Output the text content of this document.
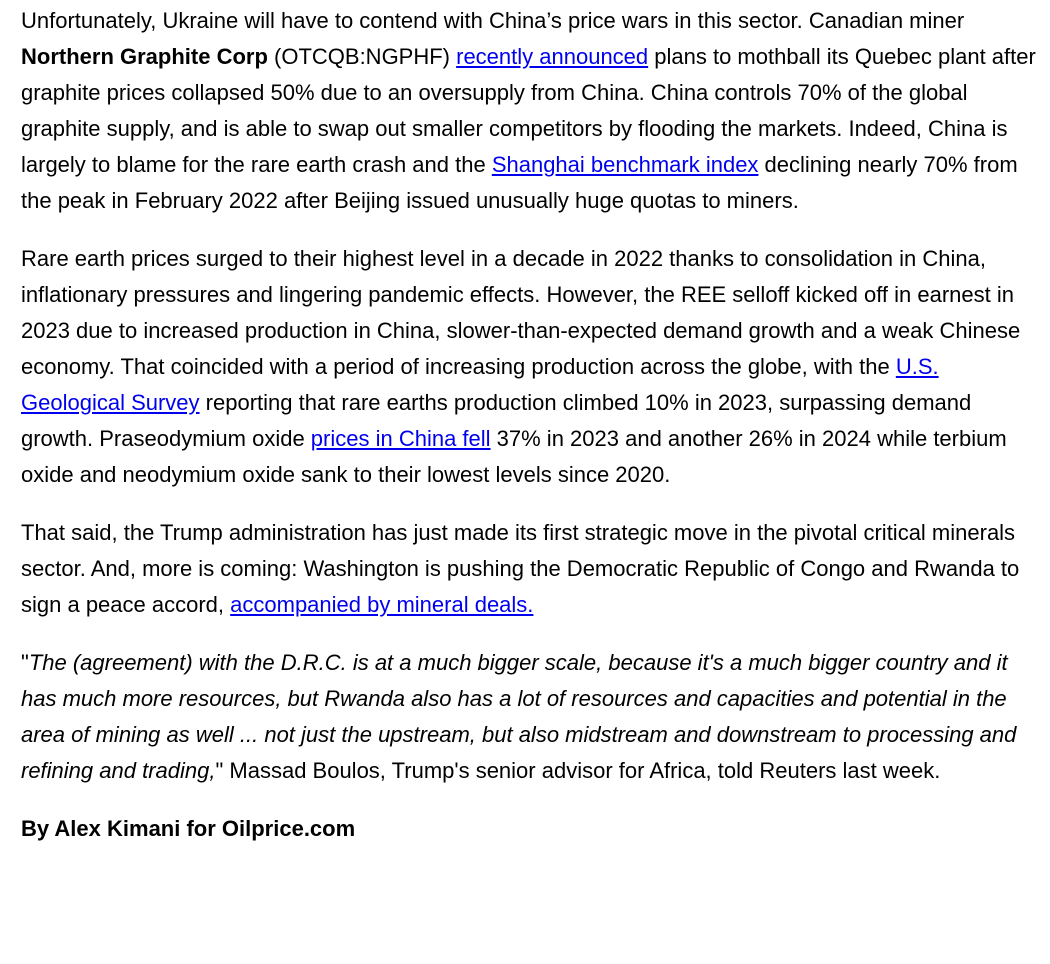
Unfortunately, Ukraine will have to contend with China’s price wars in this sector. Canadian miner Northern Graphite Corp (OTCQB:NGPHF) recently announced plans to mothball its Quebec plant after graphite prices collapsed 50% due to an oversupply from China. China controls 70% of the global graphite supply, and is able to swap out smaller competitors by flooding the markets. Indeed, China is largely to blame for the rare earth crash and the Shanghai benchmark index declining nearly 70% from the peak in February 2022 after Beijing issued unusually huge quotas to miners.

Rare earth prices surged to their highest level in a decade in 2022 thanks to consolidation in China, inflationary pressures and lingering pandemic effects. However, the REE selloff kicked off in earnest in 2023 due to increased production in China, slower-than-expected demand growth and a weak Chinese economy. That coincided with a period of increasing production across the globe, with the U.S. Geological Survey reporting that rare earths production climbed 10% in 2023, surpassing demand growth. Praseodymium oxide prices in China fell 37% in 2023 and another 26% in 2024 while terbium oxide and neodymium oxide sank to their lowest levels since 2020.

That said, the Trump administration has just made its first strategic move in the pivotal critical minerals sector. And, more is coming: Washington is pushing the Democratic Republic of Congo and Rwanda to sign a peace accord, accompanied by mineral deals.

"The (agreement) with the D.R.C. is at a much bigger scale, because it's a much bigger country and it has much more resources, but Rwanda also has a lot of resources and capacities and potential in the area of mining as well ... not just the upstream, but also midstream and downstream to processing and refining and trading," Massad Boulos, Trump's senior advisor for Africa, told Reuters last week.

By Alex Kimani for Oilprice.com
